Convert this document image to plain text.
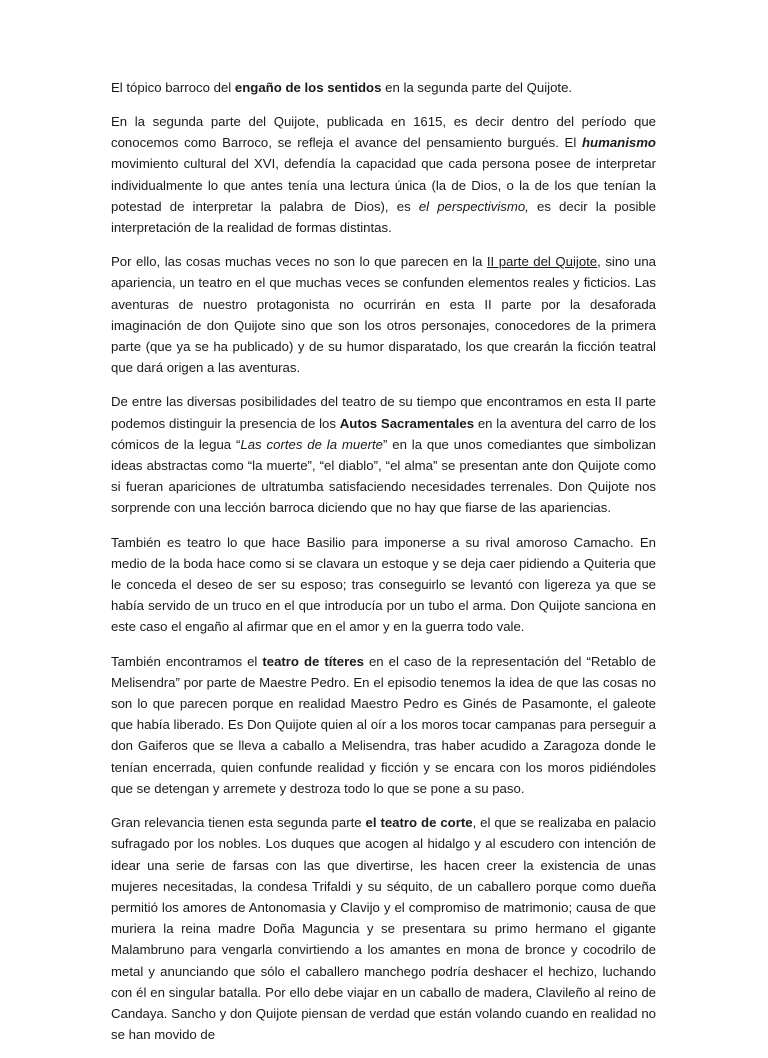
El tópico barroco del engaño de los sentidos en la segunda parte del Quijote.

En la segunda parte del Quijote, publicada en 1615, es decir dentro del período que conocemos como Barroco, se refleja el avance del pensamiento burgués. El humanismo movimiento cultural del XVI, defendía la capacidad que cada persona posee de interpretar individualmente lo que antes tenía una lectura única (la de Dios, o la de los que tenían la potestad de interpretar la palabra de Dios), es el perspectivismo, es decir la posible interpretación de la realidad de formas distintas.

Por ello, las cosas muchas veces no son lo que parecen en la II parte del Quijote, sino una apariencia, un teatro en el que muchas veces se confunden elementos reales y ficticios. Las aventuras de nuestro protagonista no ocurrirán en esta II parte por la desaforada imaginación de don Quijote sino que son los otros personajes, conocedores de la primera parte (que ya se ha publicado) y de su humor disparatado, los que crearán la ficción teatral que dará origen a las aventuras.

De entre las diversas posibilidades del teatro de su tiempo que encontramos en esta II parte podemos distinguir la presencia de los Autos Sacramentales en la aventura del carro de los cómicos de la legua “Las cortes de la muerte” en la que unos comediantes que simbolizan ideas abstractas como “la muerte”, “el diablo”, “el alma” se presentan ante don Quijote como si fueran apariciones de ultratumba satisfaciendo necesidades terrenales. Don Quijote nos sorprende con una lección barroca diciendo que no hay que fiarse de las apariencias.

También es teatro lo que hace Basilio para imponerse a su rival amoroso Camacho. En medio de la boda hace como si se clavara un estoque y se deja caer pidiendo a Quiteria que le conceda el deseo de ser su esposo; tras conseguirlo se levantó con ligereza ya que se había servido de un truco en el que introducía por un tubo el arma. Don Quijote sanciona en este caso el engaño al afirmar que en el amor y en la guerra todo vale.

También encontramos el teatro de títeres en el caso de la representación del “Retablo de Melisendra” por parte de Maestre Pedro. En el episodio tenemos la idea de que las cosas no son lo que parecen porque en realidad Maestro Pedro es Ginés de Pasamonte, el galeote que había liberado. Es Don Quijote quien al oír a los moros tocar campanas para perseguir a don Gaiferos que se lleva a caballo a Melisendra, tras haber acudido a Zaragoza donde le tenían encerrada, quien confunde realidad y ficción y se encara con los moros pidiéndoles que se detengan y arremete y destroza todo lo que se pone a su paso.

Gran relevancia tienen esta segunda parte el teatro de corte, el que se realizaba en palacio sufragado por los nobles. Los duques que acogen al hidalgo y al escudero con intención de idear una serie de farsas con las que divertirse, les hacen creer la existencia de unas mujeres necesitadas, la condesa Trifaldi y su séquito, de un caballero porque como dueña permitió los amores de Antonomasia y Clavijo y el compromiso de matrimonio; causa de que muriera la reina madre Doña Maguncia y se presentara su primo hermano el gigante Malambruno para vengarla convirtiendo a los amantes en mona de bronce y cocodrilo de metal y anunciando que sólo el caballero manchego podría deshacer el hechizo, luchando con él en singular batalla. Por ello debe viajar en un caballo de madera, Clavileño al reino de Candaya. Sancho y don Quijote piensan de verdad que están volando cuando en realidad no se han movido de
